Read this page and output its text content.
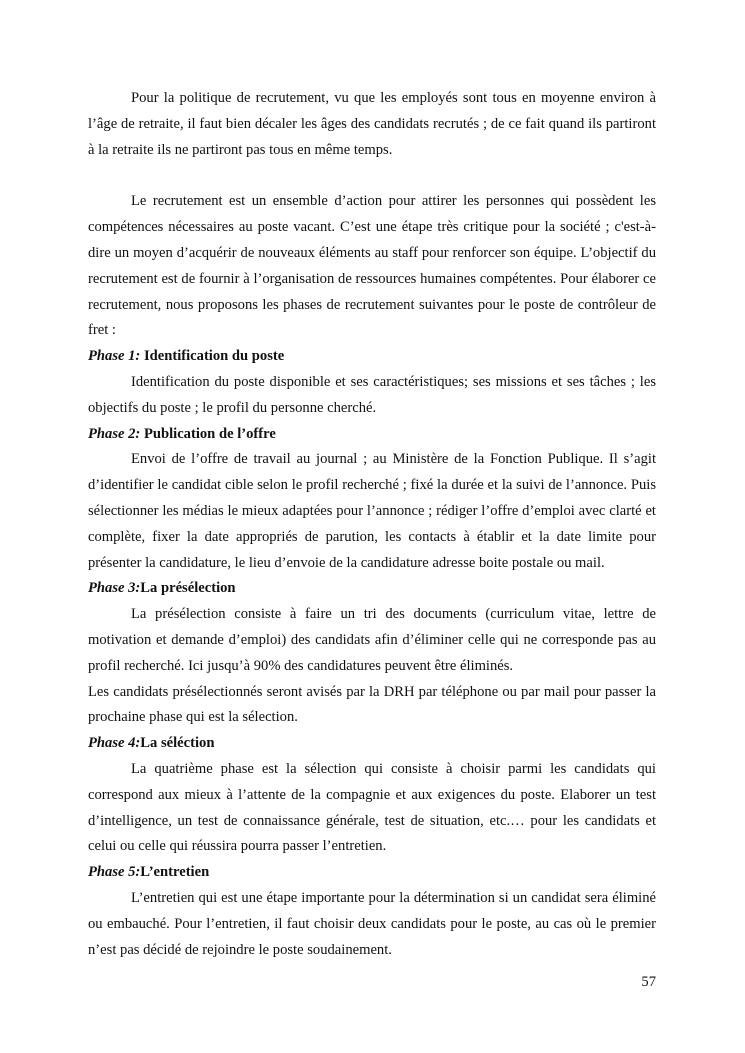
Pour la politique de recrutement, vu que les employés sont tous en moyenne environ à l’âge de retraite, il faut bien décaler les âges des candidats recrutés ; de ce fait quand ils partiront à la retraite ils ne partiront pas tous en même temps.

Le recrutement est un ensemble d’action pour attirer les personnes qui possèdent les compétences nécessaires au poste vacant. C’est une étape très critique pour la société ; c'est-à-dire un moyen d’acquérir de nouveaux éléments au staff pour renforcer son équipe. L’objectif du recrutement est de fournir à l’organisation de ressources humaines compétentes. Pour élaborer ce recrutement, nous proposons les phases de recrutement suivantes pour le poste de contrôleur de fret :

Phase 1: Identification du poste

Identification du poste disponible et ses caractéristiques; ses missions et ses tâches ; les objectifs du poste ; le profil du personne cherché.

Phase 2: Publication de l’offre

Envoi de l’offre de travail au journal ; au Ministère de la Fonction Publique. Il s’agit d’identifier le candidat cible selon le profil recherché ; fixé la durée et la suivi de l’annonce. Puis sélectionner les médias le mieux adaptées pour l’annonce ; rédiger l’offre d’emploi avec clarté et complète, fixer la date appropriés de parution, les contacts à établir et la date limite pour présenter la candidature, le lieu d’envoie de la candidature adresse boite postale ou mail.

Phase 3:La présélection

La présélection consiste à faire un tri des documents (curriculum vitae, lettre de motivation et demande d’emploi) des candidats afin d’éliminer celle qui ne corresponde pas au profil recherché. Ici jusqu’à 90% des candidatures peuvent être éliminés.

Les candidats présélectionnés seront avisés par la DRH par téléphone ou par mail pour passer la prochaine phase qui est la sélection.

Phase 4:La séléction

La quatrième phase est la sélection qui consiste à choisir parmi les candidats qui correspond aux mieux à l’attente de la compagnie et aux exigences du poste. Elaborer un test d’intelligence, un test de connaissance générale, test de situation, etc.… pour les candidats et celui ou celle qui réussira pourra passer l’entretien.

Phase 5:L’entretien

L’entretien qui est une étape importante pour la détermination si un candidat sera éliminé ou embauché. Pour l’entretien, il faut choisir deux candidats pour le poste, au cas où le premier n’est pas décidé de rejoindre le poste soudainement.

57
